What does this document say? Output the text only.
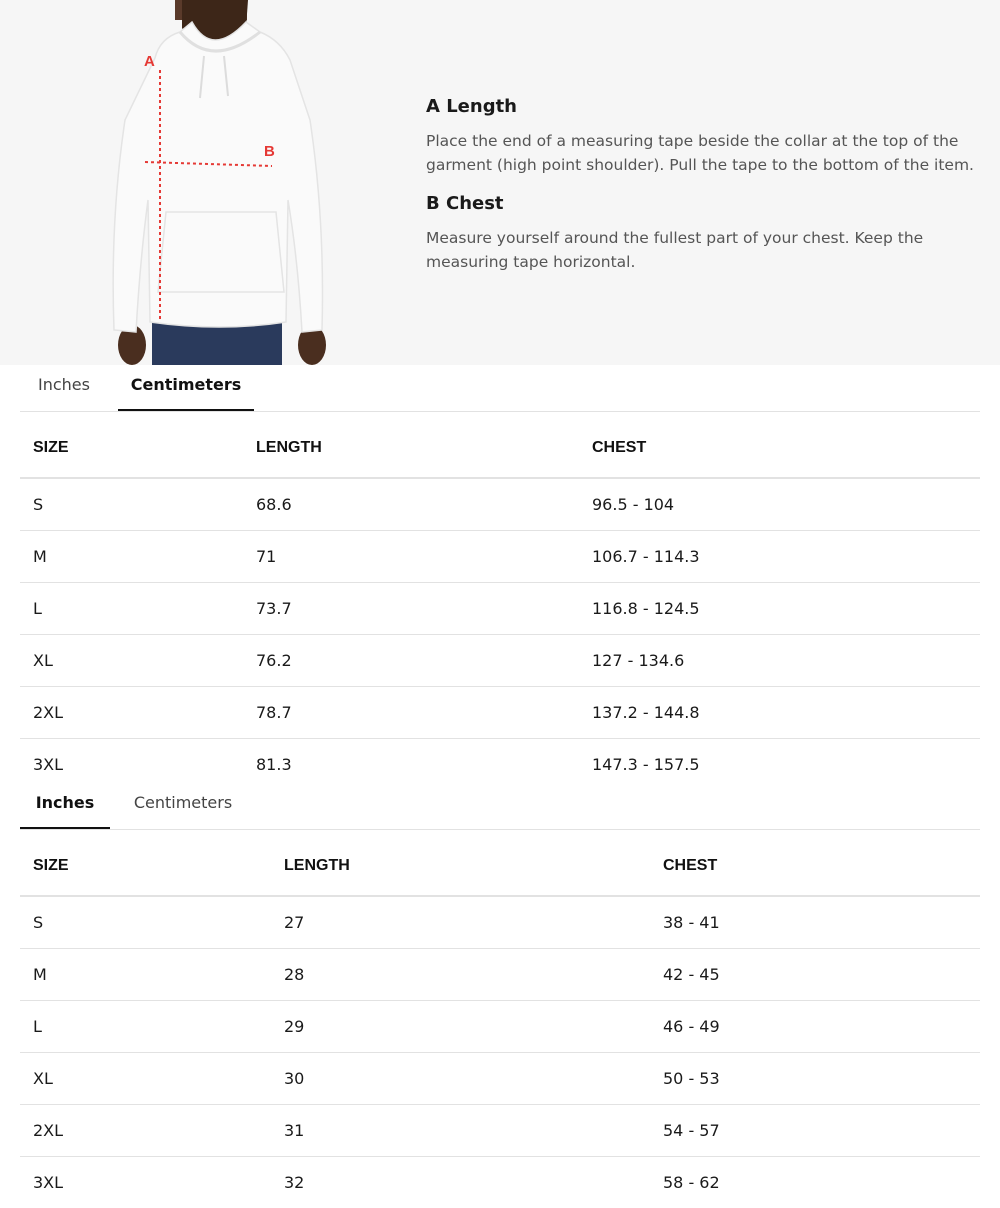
A
B
A Length

Place the end of a measuring tape beside the collar at the top of the garment (high point shoulder). Pull the tape to the bottom of the item.

B Chest

Measure yourself around the fullest part of your chest. Keep the measuring tape horizontal.

Inches	Centimeters
SIZE	LENGTH	CHEST
S	68.6	96.5 - 104
M	71	106.7 - 114.3
L	73.7	116.8 - 124.5
XL	76.2	127 - 134.6
2XL	78.7	137.2 - 144.8
3XL	81.3	147.3 - 157.5
Inches	Centimeters
SIZE	LENGTH	CHEST
S	27	38 - 41
M	28	42 - 45
L	29	46 - 49
XL	30	50 - 53
2XL	31	54 - 57
3XL	32	58 - 62
